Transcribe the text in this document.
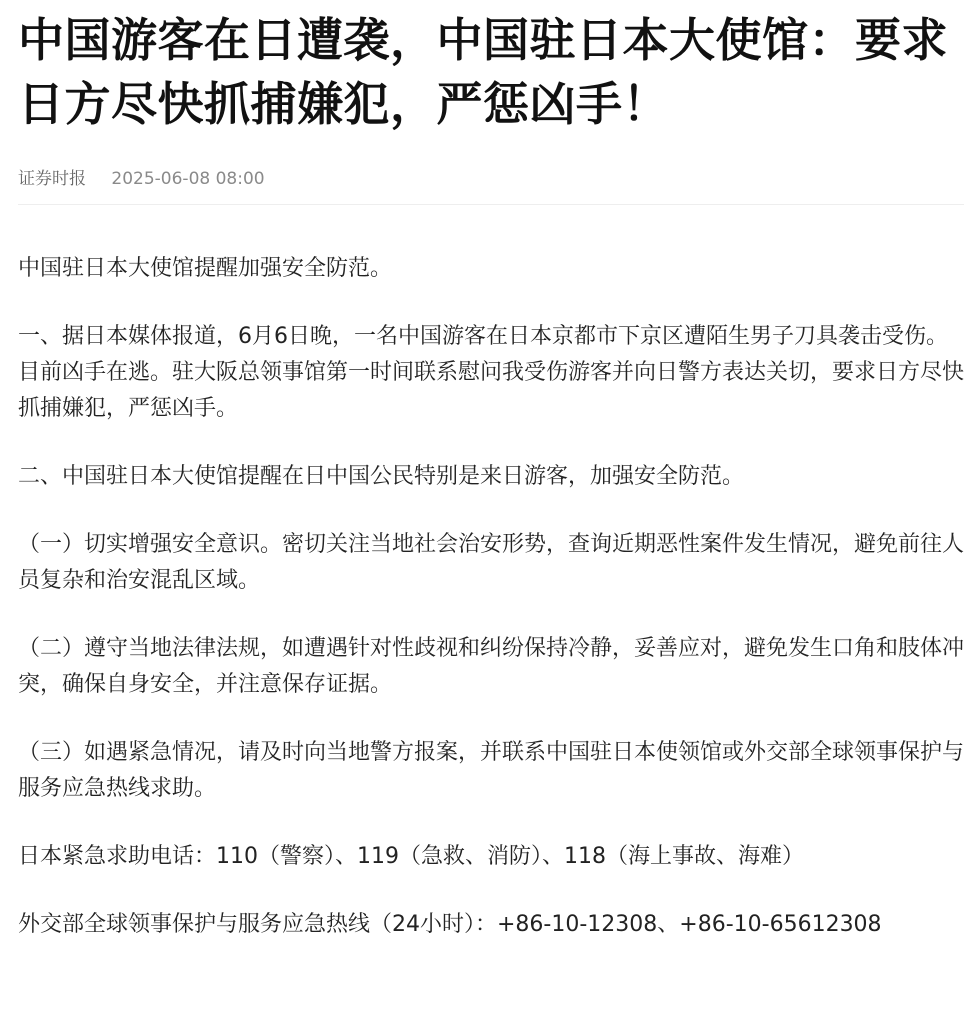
中国游客在日遭袭，中国驻日本大使馆：要求日方尽快抓捕嫌犯，严惩凶手！
证券时报 2025-06-08 08:00

中国驻日本大使馆提醒加强安全防范。

一、据日本媒体报道，6月6日晚，一名中国游客在日本京都市下京区遭陌生男子刀具袭击受伤。目前凶手在逃。驻大阪总领事馆第一时间联系慰问我受伤游客并向日警方表达关切，要求日方尽快抓捕嫌犯，严惩凶手。

二、中国驻日本大使馆提醒在日中国公民特别是来日游客，加强安全防范。

（一）切实增强安全意识。密切关注当地社会治安形势，查询近期恶性案件发生情况，避免前往人员复杂和治安混乱区域。

（二）遵守当地法律法规，如遭遇针对性歧视和纠纷保持冷静，妥善应对，避免发生口角和肢体冲突，确保自身安全，并注意保存证据。

（三）如遇紧急情况，请及时向当地警方报案，并联系中国驻日本使领馆或外交部全球领事保护与服务应急热线求助。

日本紧急求助电话：110（警察）、119（急救、消防）、118（海上事故、海难）

外交部全球领事保护与服务应急热线（24小时）：+86-10-12308、+86-10-65612308
